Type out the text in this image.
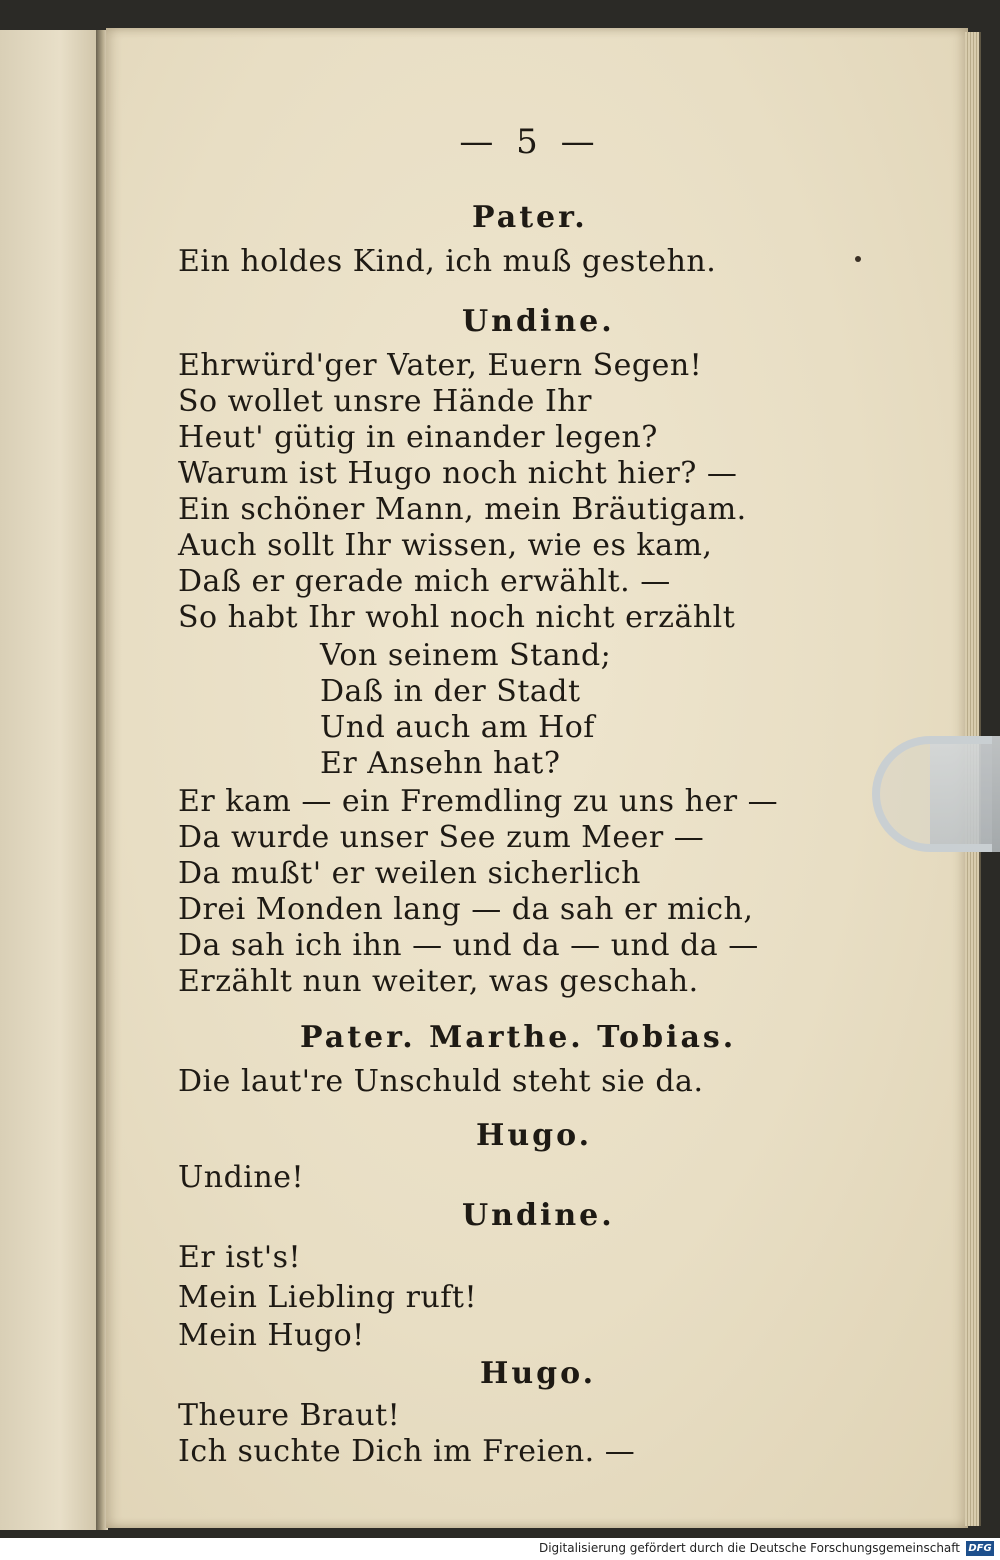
— 5 —
Pater.
Ein holdes Kind, ich muß gestehn.
Undine.
Ehrwürd'ger Vater, Euern Segen!
So wollet unsre Hände Ihr
Heut' gütig in einander legen?
Warum ist Hugo noch nicht hier? —
Ein schöner Mann, mein Bräutigam.
Auch sollt Ihr wissen, wie es kam,
Daß er gerade mich erwählt. —
So habt Ihr wohl noch nicht erzählt
Von seinem Stand;
Daß in der Stadt
Und auch am Hof
Er Ansehn hat?
Er kam — ein Fremdling zu uns her —
Da wurde unser See zum Meer —
Da mußt' er weilen sicherlich
Drei Monden lang — da sah er mich,
Da sah ich ihn — und da — und da —
Erzählt nun weiter, was geschah.
Pater. Marthe. Tobias.
Die laut're Unschuld steht sie da.
Hugo.
Undine!
Undine.
Er ist's!
Mein Liebling ruft!
Mein Hugo!
Hugo.
Theure Braut!
Ich suchte Dich im Freien. —
Digitalisierung gefördert durch die Deutsche Forschungsgemeinschaft DFG
